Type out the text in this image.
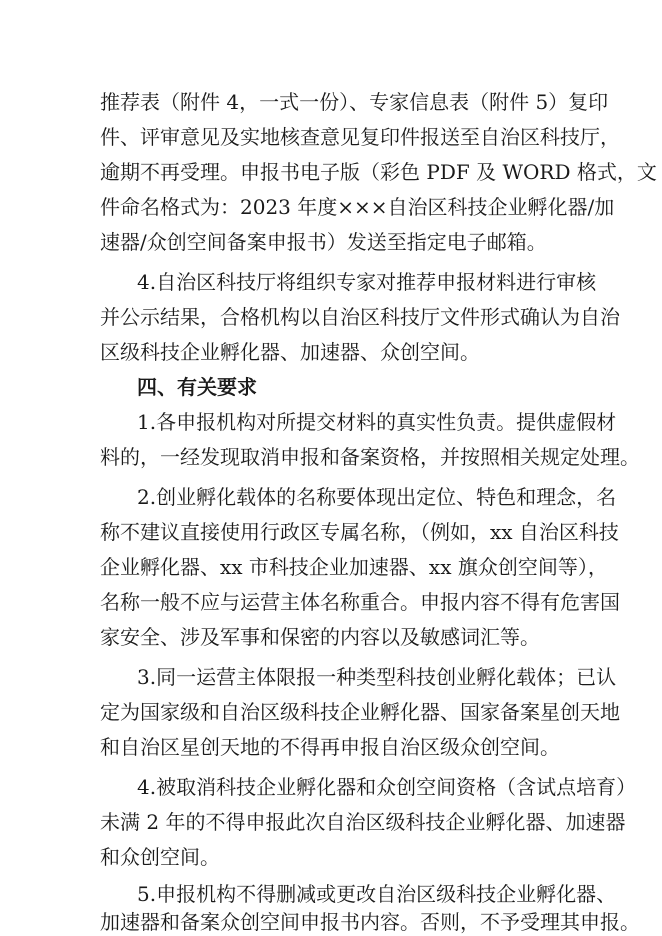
推荐表（附件 4，一式一份）、专家信息表（附件 5）复印
件、评审意见及实地核查意见复印件报送至自治区科技厅，
逾期不再受理。申报书电子版（彩色 PDF 及 WORD 格式，文
件命名格式为：2023 年度×××自治区科技企业孵化器/加
速器/众创空间备案申报书）发送至指定电子邮箱。
4.自治区科技厅将组织专家对推荐申报材料进行审核
并公示结果，合格机构以自治区科技厅文件形式确认为自治
区级科技企业孵化器、加速器、众创空间。
四、有关要求
1.各申报机构对所提交材料的真实性负责。提供虚假材
料的，一经发现取消申报和备案资格，并按照相关规定处理。
2.创业孵化载体的名称要体现出定位、特色和理念，名
称不建议直接使用行政区专属名称，（例如，xx 自治区科技
企业孵化器、xx 市科技企业加速器、xx 旗众创空间等），
名称一般不应与运营主体名称重合。申报内容不得有危害国
家安全、涉及军事和保密的内容以及敏感词汇等。
3.同一运营主体限报一种类型科技创业孵化载体；已认
定为国家级和自治区级科技企业孵化器、国家备案星创天地
和自治区星创天地的不得再申报自治区级众创空间。
4.被取消科技企业孵化器和众创空间资格（含试点培育）
未满 2 年的不得申报此次自治区级科技企业孵化器、加速器
和众创空间。
5.申报机构不得删减或更改自治区级科技企业孵化器、
加速器和备案众创空间申报书内容。否则，不予受理其申报。
